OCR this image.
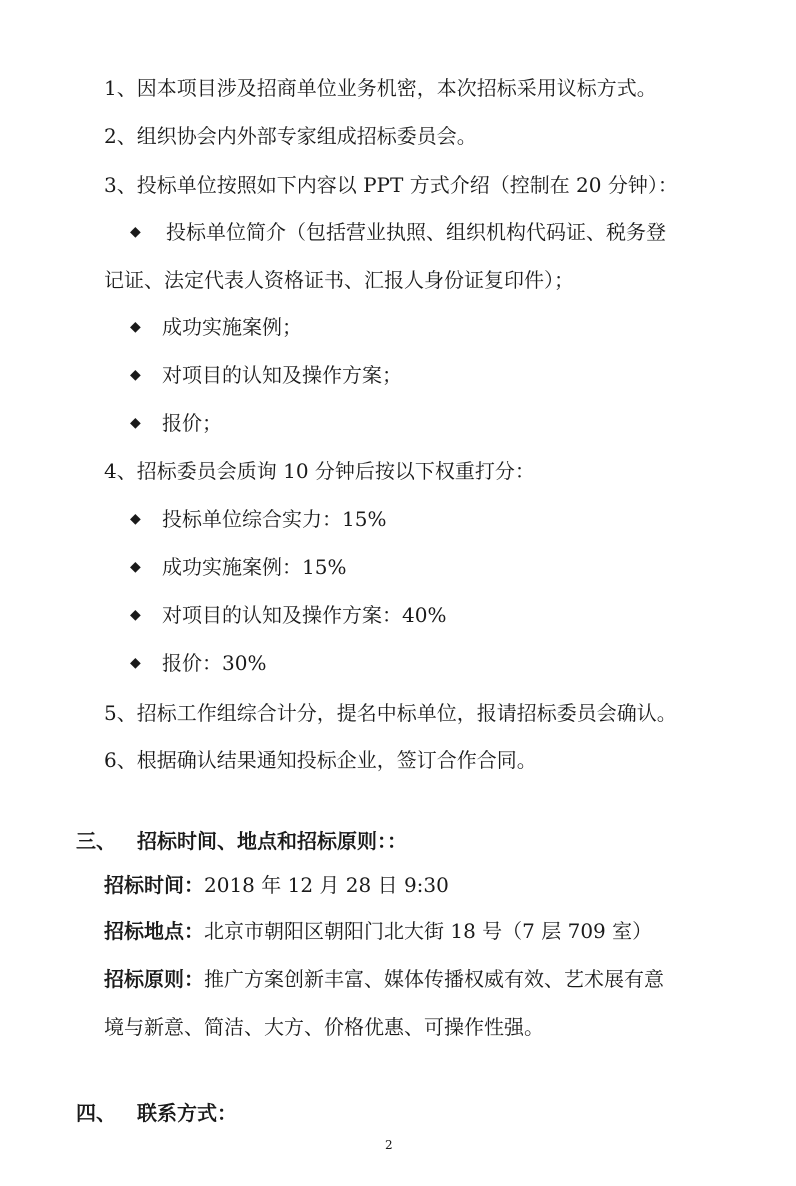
1、因本项目涉及招商单位业务机密，本次招标采用议标方式。
2、组织协会内外部专家组成招标委员会。
3、投标单位按照如下内容以 PPT 方式介绍（控制在 20 分钟）：
◆ 投标单位简介（包括营业执照、组织机构代码证、税务登
记证、法定代表人资格证书、汇报人身份证复印件）；
◆ 成功实施案例；
◆ 对项目的认知及操作方案；
◆ 报价；
4、招标委员会质询 10 分钟后按以下权重打分：
◆ 投标单位综合实力：15%
◆ 成功实施案例：15%
◆ 对项目的认知及操作方案：40%
◆ 报价：30%
5、招标工作组综合计分，提名中标单位，报请招标委员会确认。
6、根据确认结果通知投标企业，签订合作合同。
三、 招标时间、地点和招标原则：：
招标时间：2018 年 12 月 28 日 9:30
招标地点：北京市朝阳区朝阳门北大街 18 号（7 层 709 室）
招标原则：推广方案创新丰富、媒体传播权威有效、艺术展有意
境与新意、简洁、大方、价格优惠、可操作性强。
四、 联系方式：
2
